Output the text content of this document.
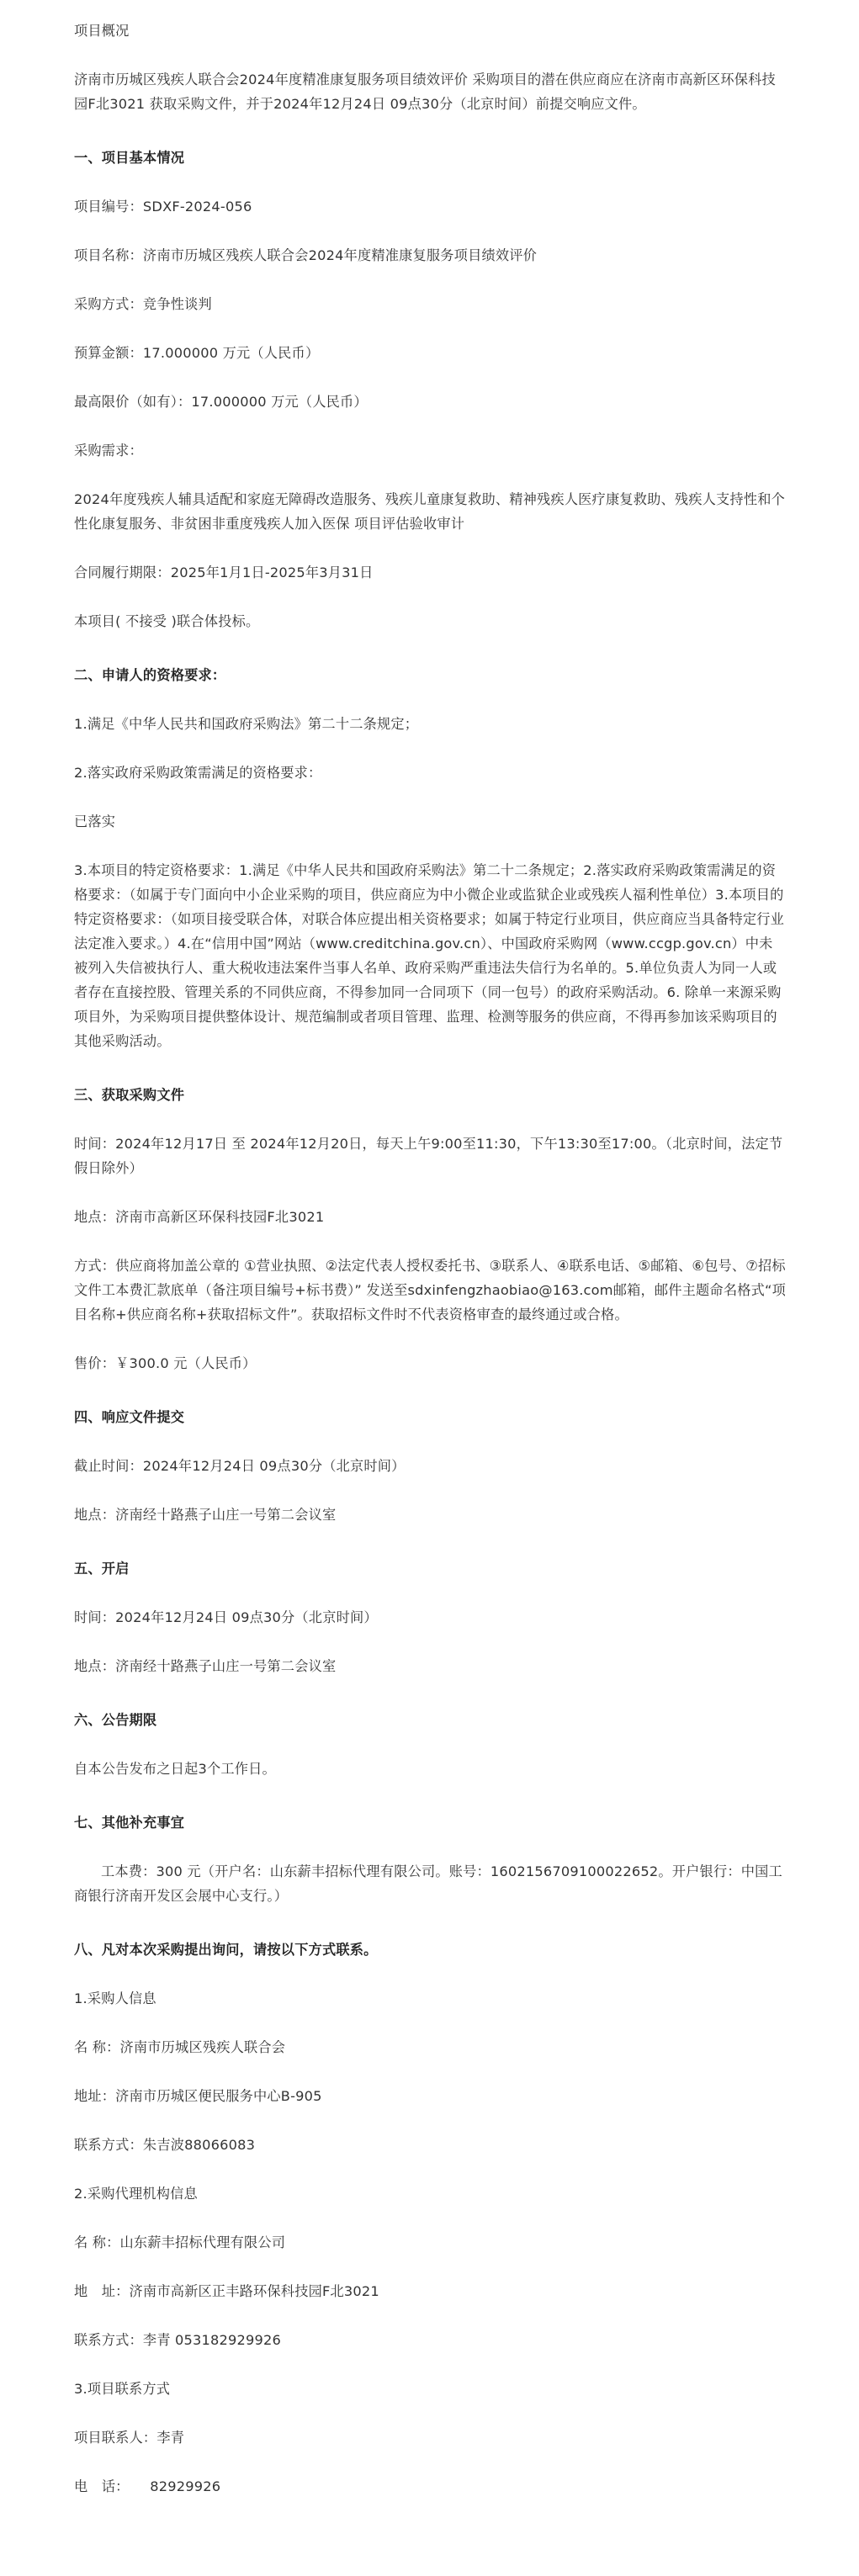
项目概况

济南市历城区残疾人联合会2024年度精准康复服务项目绩效评价 采购项目的潜在供应商应在济南市高新区环保科技园F北3021 获取采购文件，并于2024年12月24日 09点30分（北京时间）前提交响应文件。

一、项目基本情况

项目编号：SDXF-2024-056

项目名称：济南市历城区残疾人联合会2024年度精准康复服务项目绩效评价

采购方式：竞争性谈判

预算金额：17.000000 万元（人民币）

最高限价（如有）：17.000000 万元（人民币）

采购需求：

2024年度残疾人辅具适配和家庭无障碍改造服务、残疾儿童康复救助、精神残疾人医疗康复救助、残疾人支持性和个性化康复服务、非贫困非重度残疾人加入医保 项目评估验收审计

合同履行期限：2025年1月1日-2025年3月31日

本项目( 不接受 )联合体投标。

二、申请人的资格要求：

1.满足《中华人民共和国政府采购法》第二十二条规定；

2.落实政府采购政策需满足的资格要求：

已落实

3.本项目的特定资格要求：1.满足《中华人民共和国政府采购法》第二十二条规定；2.落实政府采购政策需满足的资格要求：（如属于专门面向中小企业采购的项目，供应商应为中小微企业或监狱企业或残疾人福利性单位）3.本项目的特定资格要求：（如项目接受联合体，对联合体应提出相关资格要求；如属于特定行业项目，供应商应当具备特定行业法定准入要求。）4.在“信用中国”网站（www.creditchina.gov.cn）、中国政府采购网（www.ccgp.gov.cn）中未被列入失信被执行人、重大税收违法案件当事人名单、政府采购严重违法失信行为名单的。5.单位负责人为同一人或者存在直接控股、管理关系的不同供应商，不得参加同一合同项下（同一包号）的政府采购活动。6. 除单一来源采购项目外，为采购项目提供整体设计、规范编制或者项目管理、监理、检测等服务的供应商，不得再参加该采购项目的其他采购活动。

三、获取采购文件

时间：2024年12月17日 至 2024年12月20日，每天上午9:00至11:30，下午13:30至17:00。（北京时间，法定节假日除外）

地点：济南市高新区环保科技园F北3021

方式：供应商将加盖公章的 ①营业执照、②法定代表人授权委托书、③联系人、④联系电话、⑤邮箱、⑥包号、⑦招标文件工本费汇款底单（备注项目编号+标书费）” 发送至sdxinfengzhaobiao@163.com邮箱，邮件主题命名格式“项目名称+供应商名称+获取招标文件”。获取招标文件时不代表资格审查的最终通过或合格。

售价：￥300.0 元（人民币）

四、响应文件提交

截止时间：2024年12月24日 09点30分（北京时间）

地点：济南经十路燕子山庄一号第二会议室

五、开启

时间：2024年12月24日 09点30分（北京时间）

地点：济南经十路燕子山庄一号第二会议室

六、公告期限

自本公告发布之日起3个工作日。

七、其他补充事宜

工本费：300 元（开户名：山东薪丰招标代理有限公司。账号：1602156709100022652。开户银行：中国工商银行济南开发区会展中心支行。）

八、凡对本次采购提出询问，请按以下方式联系。

1.采购人信息

名 称：济南市历城区残疾人联合会

地址：济南市历城区便民服务中心B-905

联系方式：朱吉波88066083

2.采购代理机构信息

名 称：山东薪丰招标代理有限公司

地　址：济南市高新区正丰路环保科技园F北3021

联系方式：李青 053182929926

3.项目联系方式

项目联系人：李青

电　话：　　82929926
